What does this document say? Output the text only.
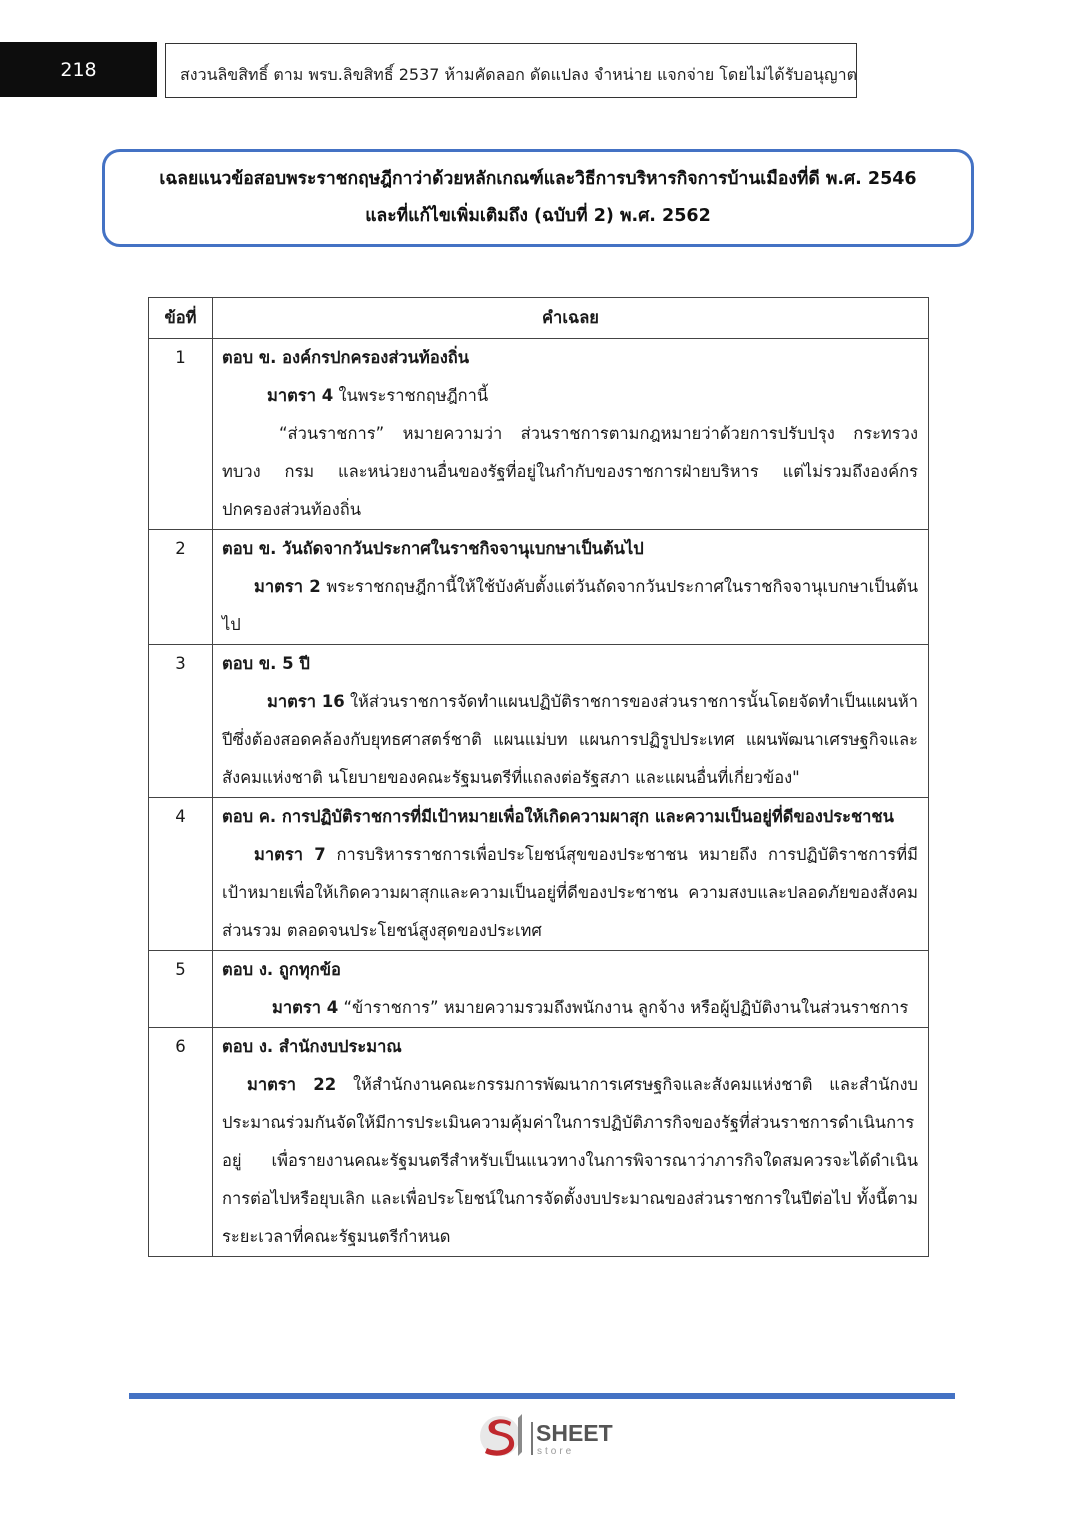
218	สงวนลิขสิทธิ์ ตาม พรบ.ลิขสิทธิ์ 2537 ห้ามคัดลอก ดัดแปลง จำหน่าย แจกจ่าย โดยไม่ได้รับอนุญาต
เฉลยแนวข้อสอบพระราชกฤษฎีกาว่าด้วยหลักเกณฑ์และวิธีการบริหารกิจการบ้านเมืองที่ดี พ.ศ. 2546
และที่แก้ไขเพิ่มเติมถึง (ฉบับที่ 2) พ.ศ. 2562
ข้อที่	คำเฉลย
1	ตอบ ข. องค์กรปกครองส่วนท้องถิ่น
มาตรา 4 ในพระราชกฤษฎีกานี้
“ส่วนราชการ” หมายความว่า ส่วนราชการตามกฎหมายว่าด้วยการปรับปรุง กระทรวง ทบวง กรม และหน่วยงานอื่นของรัฐที่อยู่ในกำกับของราชการฝ่ายบริหาร แต่ไม่รวมถึงองค์กรปกครองส่วนท้องถิ่น

2	ตอบ ข. วันถัดจากวันประกาศในราชกิจจานุเบกษาเป็นต้นไป
มาตรา 2 พระราชกฤษฎีกานี้ให้ใช้บังคับตั้งแต่วันถัดจากวันประกาศในราชกิจจานุเบกษาเป็นต้นไป

3	ตอบ ข. 5 ปี
มาตรา 16 ให้ส่วนราชการจัดทำแผนปฏิบัติราชการของส่วนราชการนั้นโดยจัดทำเป็นแผนห้าปีซึ่งต้องสอดคล้องกับยุทธศาสตร์ชาติ แผนแม่บท แผนการปฏิรูปประเทศ แผนพัฒนาเศรษฐกิจและสังคมแห่งชาติ นโยบายของคณะรัฐมนตรีที่แถลงต่อรัฐสภา และแผนอื่นที่เกี่ยวข้อง"

4	ตอบ ค. การปฏิบัติราชการที่มีเป้าหมายเพื่อให้เกิดความผาสุก และความเป็นอยู่ที่ดีของประชาชน
มาตรา 7 การบริหารราชการเพื่อประโยชน์สุขของประชาชน หมายถึง การปฏิบัติราชการที่มีเป้าหมายเพื่อให้เกิดความผาสุกและความเป็นอยู่ที่ดีของประชาชน ความสงบและปลอดภัยของสังคมส่วนรวม ตลอดจนประโยชน์สูงสุดของประเทศ

5	ตอบ ง. ถูกทุกข้อ
มาตรา 4 “ข้าราชการ” หมายความรวมถึงพนักงาน ลูกจ้าง หรือผู้ปฏิบัติงานในส่วนราชการ

6	ตอบ ง. สำนักงบประมาณ
มาตรา 22 ให้สำนักงานคณะกรรมการพัฒนาการเศรษฐกิจและสังคมแห่งชาติ และสำนักงบประมาณร่วมกันจัดให้มีการประเมินความคุ้มค่าในการปฏิบัติภารกิจของรัฐที่ส่วนราชการดำเนินการอยู่ เพื่อรายงานคณะรัฐมนตรีสำหรับเป็นแนวทางในการพิจารณาว่าภารกิจใดสมควรจะได้ดำเนินการต่อไปหรือยุบเลิก และเพื่อประโยชน์ในการจัดตั้งงบประมาณของส่วนราชการในปีต่อไป ทั้งนี้ตามระยะเวลาที่คณะรัฐมนตรีกำหนด
SHEET
store
